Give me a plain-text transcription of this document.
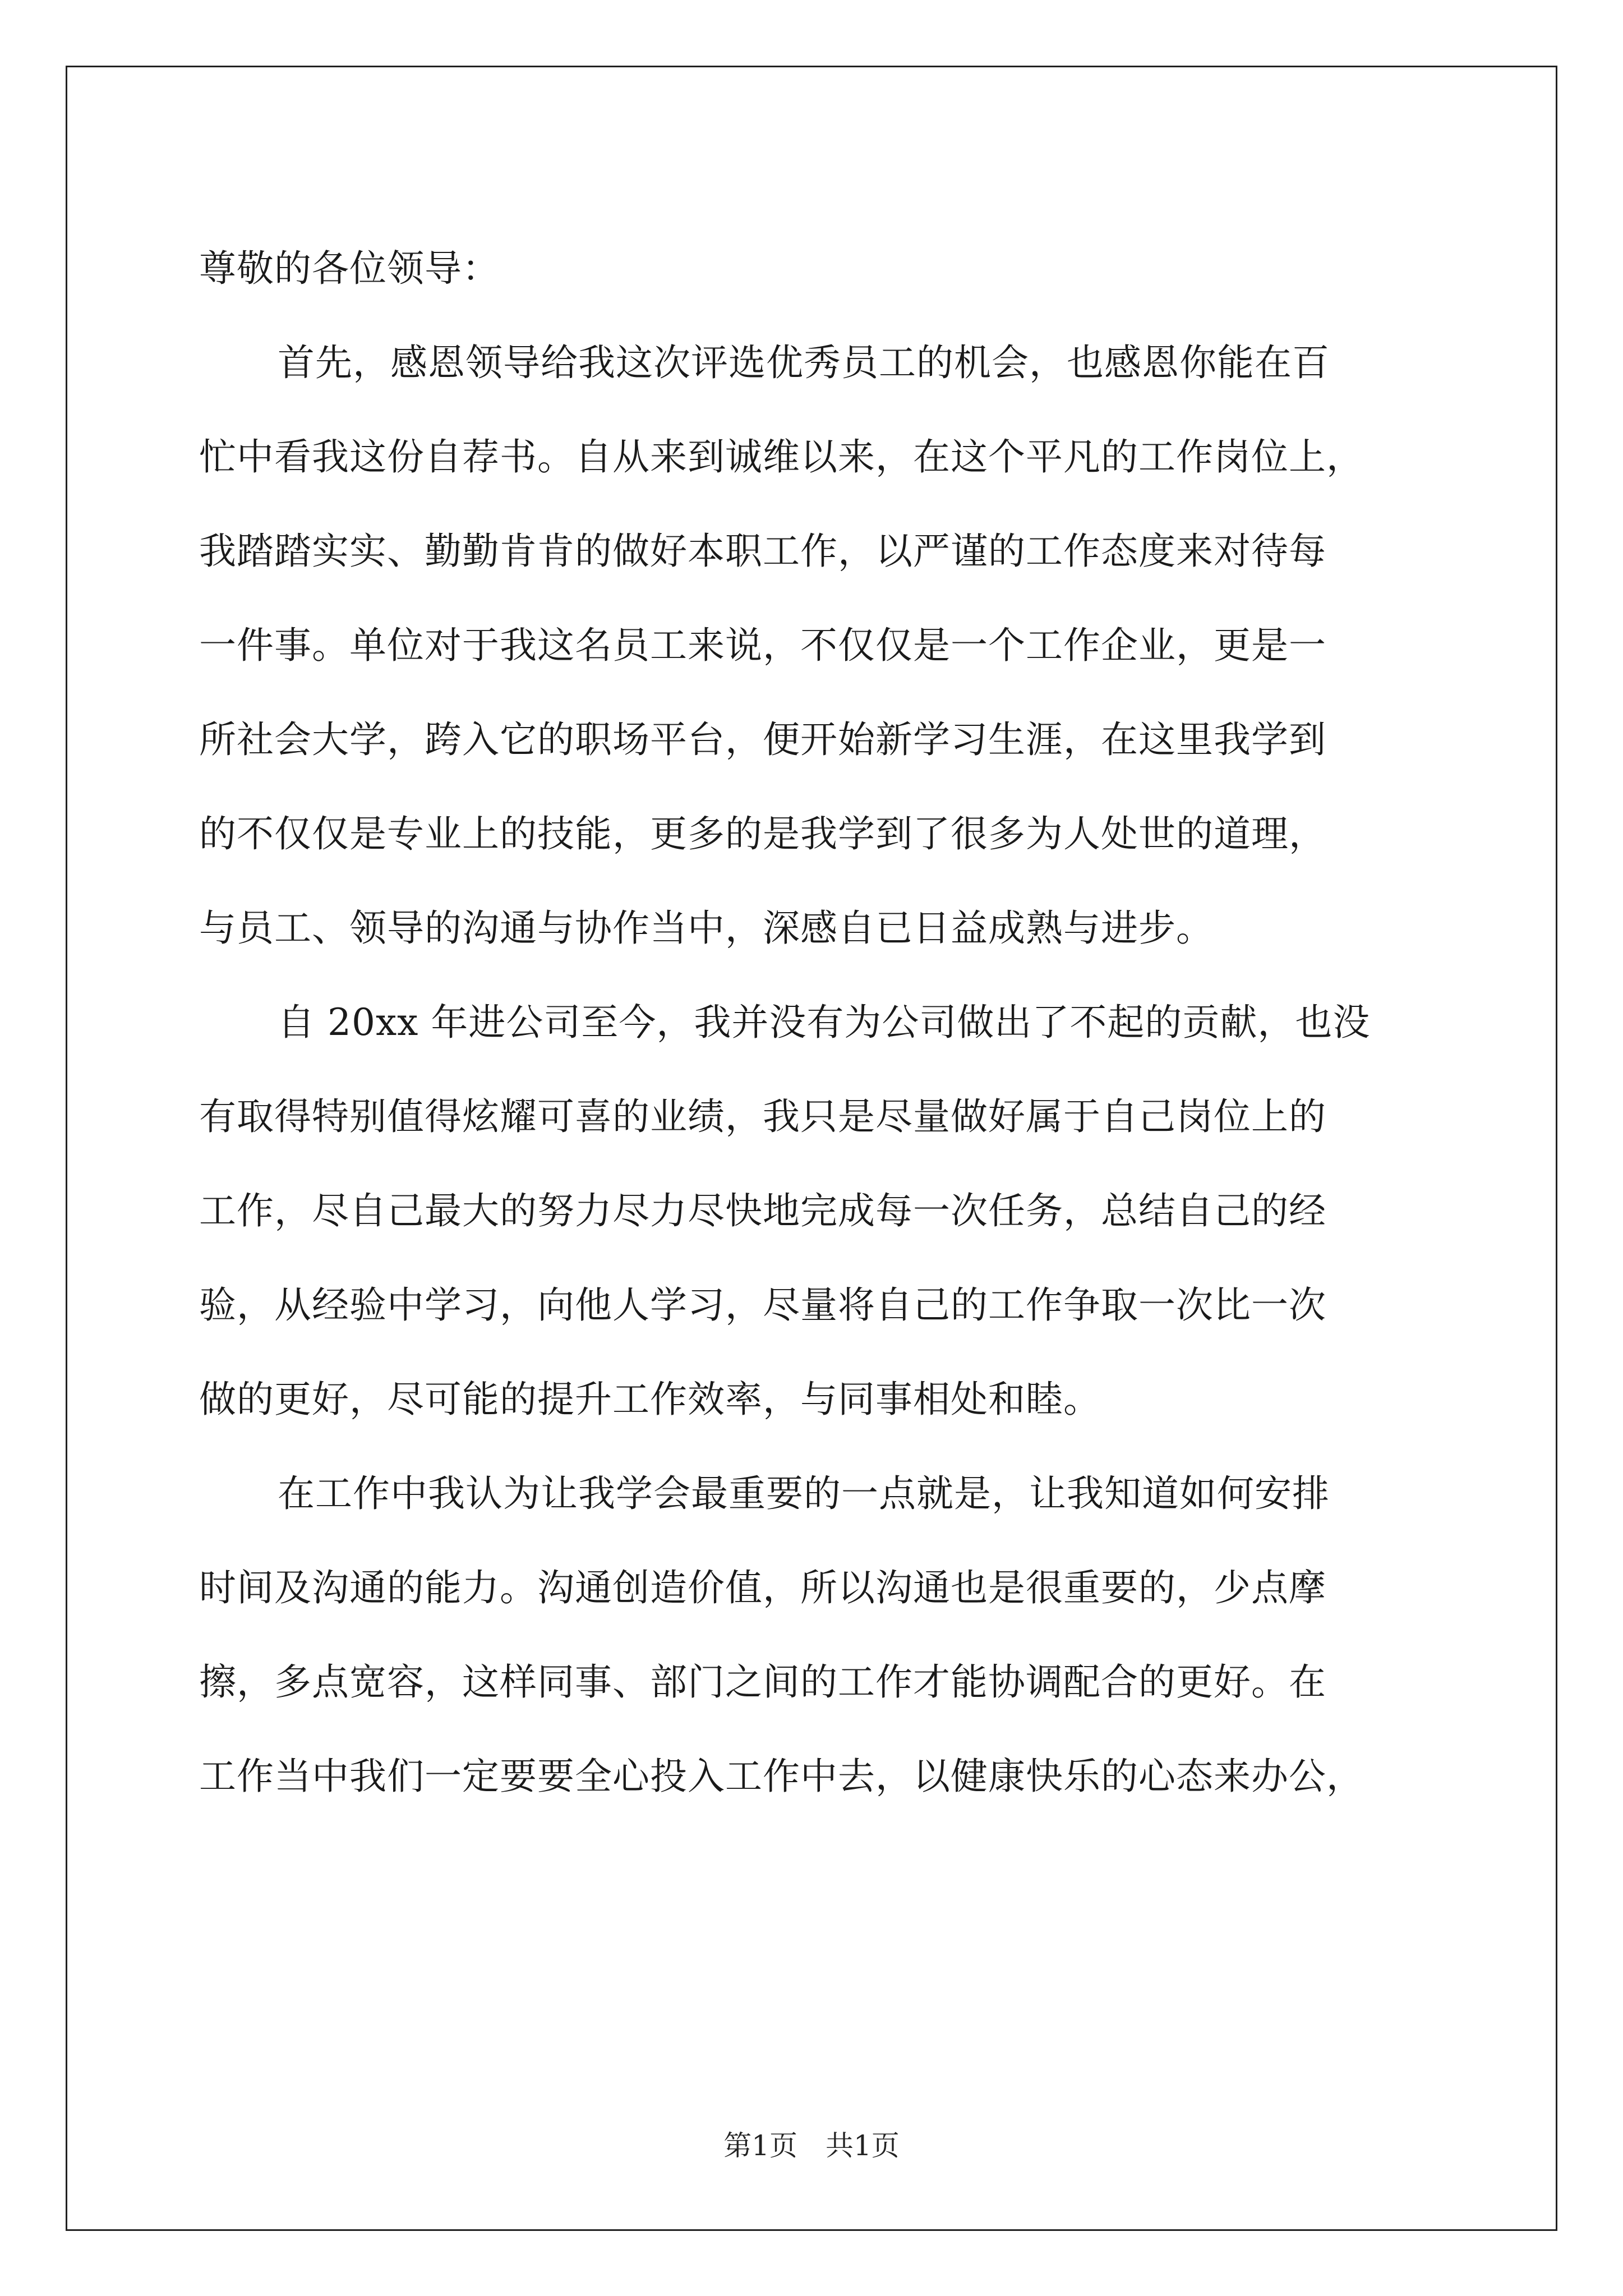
尊敬的各位领导：
首先，感恩领导给我这次评选优秀员工的机会，也感恩你能在百
忙中看我这份自荐书。自从来到诚维以来，在这个平凡的工作岗位上，
我踏踏实实、勤勤肯肯的做好本职工作，以严谨的工作态度来对待每
一件事。单位对于我这名员工来说，不仅仅是一个工作企业，更是一
所社会大学，跨入它的职场平台，便开始新学习生涯，在这里我学到
的不仅仅是专业上的技能，更多的是我学到了很多为人处世的道理，
与员工、领导的沟通与协作当中，深感自已日益成熟与进步。
自 20xx 年进公司至今，我并没有为公司做出了不起的贡献，也没
有取得特别值得炫耀可喜的业绩，我只是尽量做好属于自己岗位上的
工作，尽自己最大的努力尽力尽快地完成每一次任务，总结自己的经
验，从经验中学习，向他人学习，尽量将自己的工作争取一次比一次
做的更好，尽可能的提升工作效率，与同事相处和睦。
在工作中我认为让我学会最重要的一点就是，让我知道如何安排
时间及沟通的能力。沟通创造价值，所以沟通也是很重要的，少点摩
擦，多点宽容，这样同事、部门之间的工作才能协调配合的更好。在
工作当中我们一定要要全心投入工作中去，以健康快乐的心态来办公，
第1页　共1页
